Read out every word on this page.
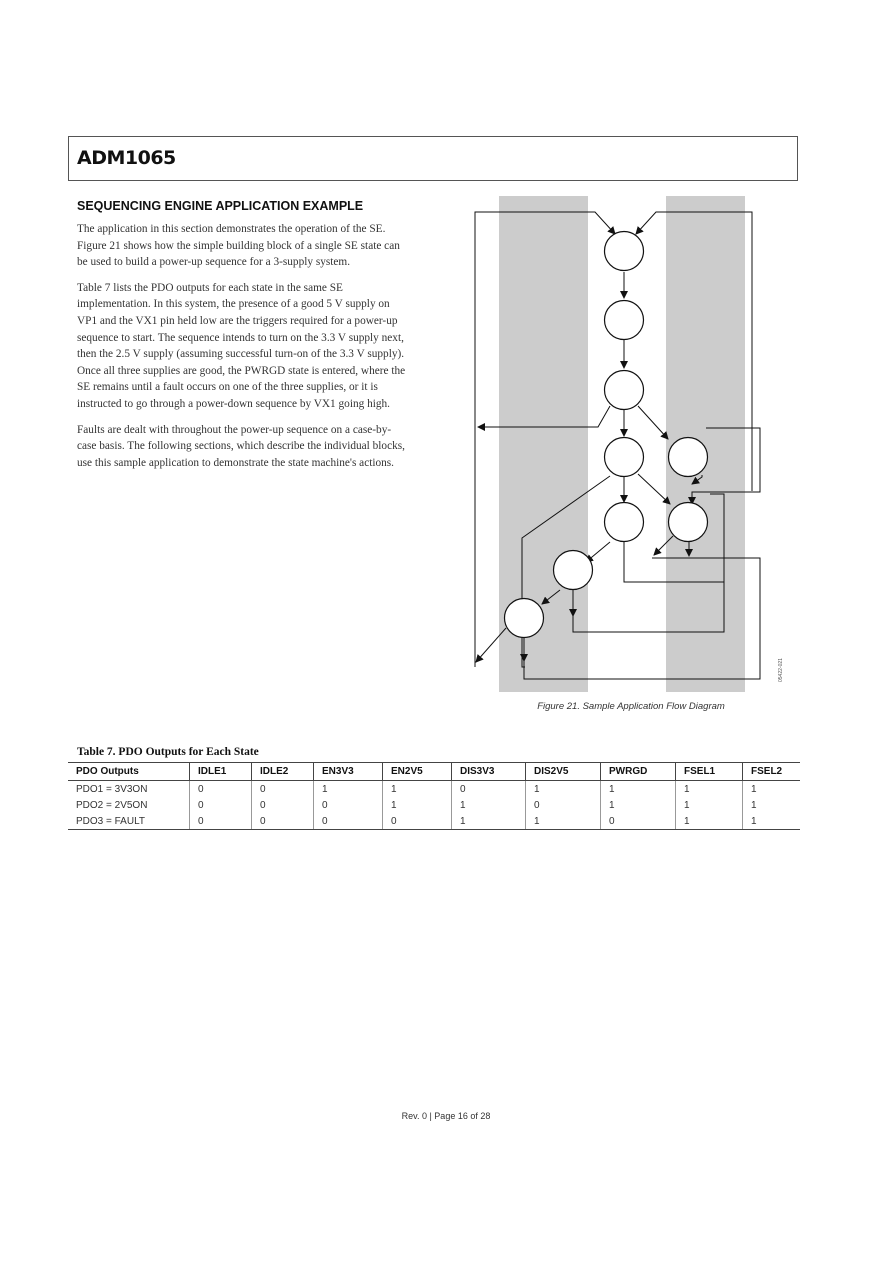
ADM1065
SEQUENCING ENGINE APPLICATION EXAMPLE

The application in this section demonstrates the operation of the SE. Figure 21 shows how the simple building block of a single SE state can be used to build a power-up sequence for a 3-supply system.

Table 7 lists the PDO outputs for each state in the same SE implementation. In this system, the presence of a good 5 V supply on VP1 and the VX1 pin held low are the triggers required for a power-up sequence to start. The sequence intends to turn on the 3.3 V supply next, then the 2.5 V supply (assuming successful turn-on of the 3.3 V supply). Once all three supplies are good, the PWRGD state is entered, where the SE remains until a fault occurs on one of the three supplies, or it is instructed to go through a power-down sequence by VX1 going high.

Faults are dealt with throughout the power-up sequence on a case-by-case basis. The following sections, which describe the individual blocks, use this sample application to demonstrate the state machine's actions.

05422-021
Figure 21. Sample Application Flow Diagram
Table 7. PDO Outputs for Each State
PDO Outputs	IDLE1	IDLE2	EN3V3	EN2V5	DIS3V3	DIS2V5	PWRGD	FSEL1	FSEL2
PDO1 = 3V3ON	0	0	1	1	0	1	1	1	1
PDO2 = 2V5ON	0	0	0	1	1	0	1	1	1
PDO3 = FAULT	0	0	0	0	1	1	0	1	1
Rev. 0 | Page 16 of 28
